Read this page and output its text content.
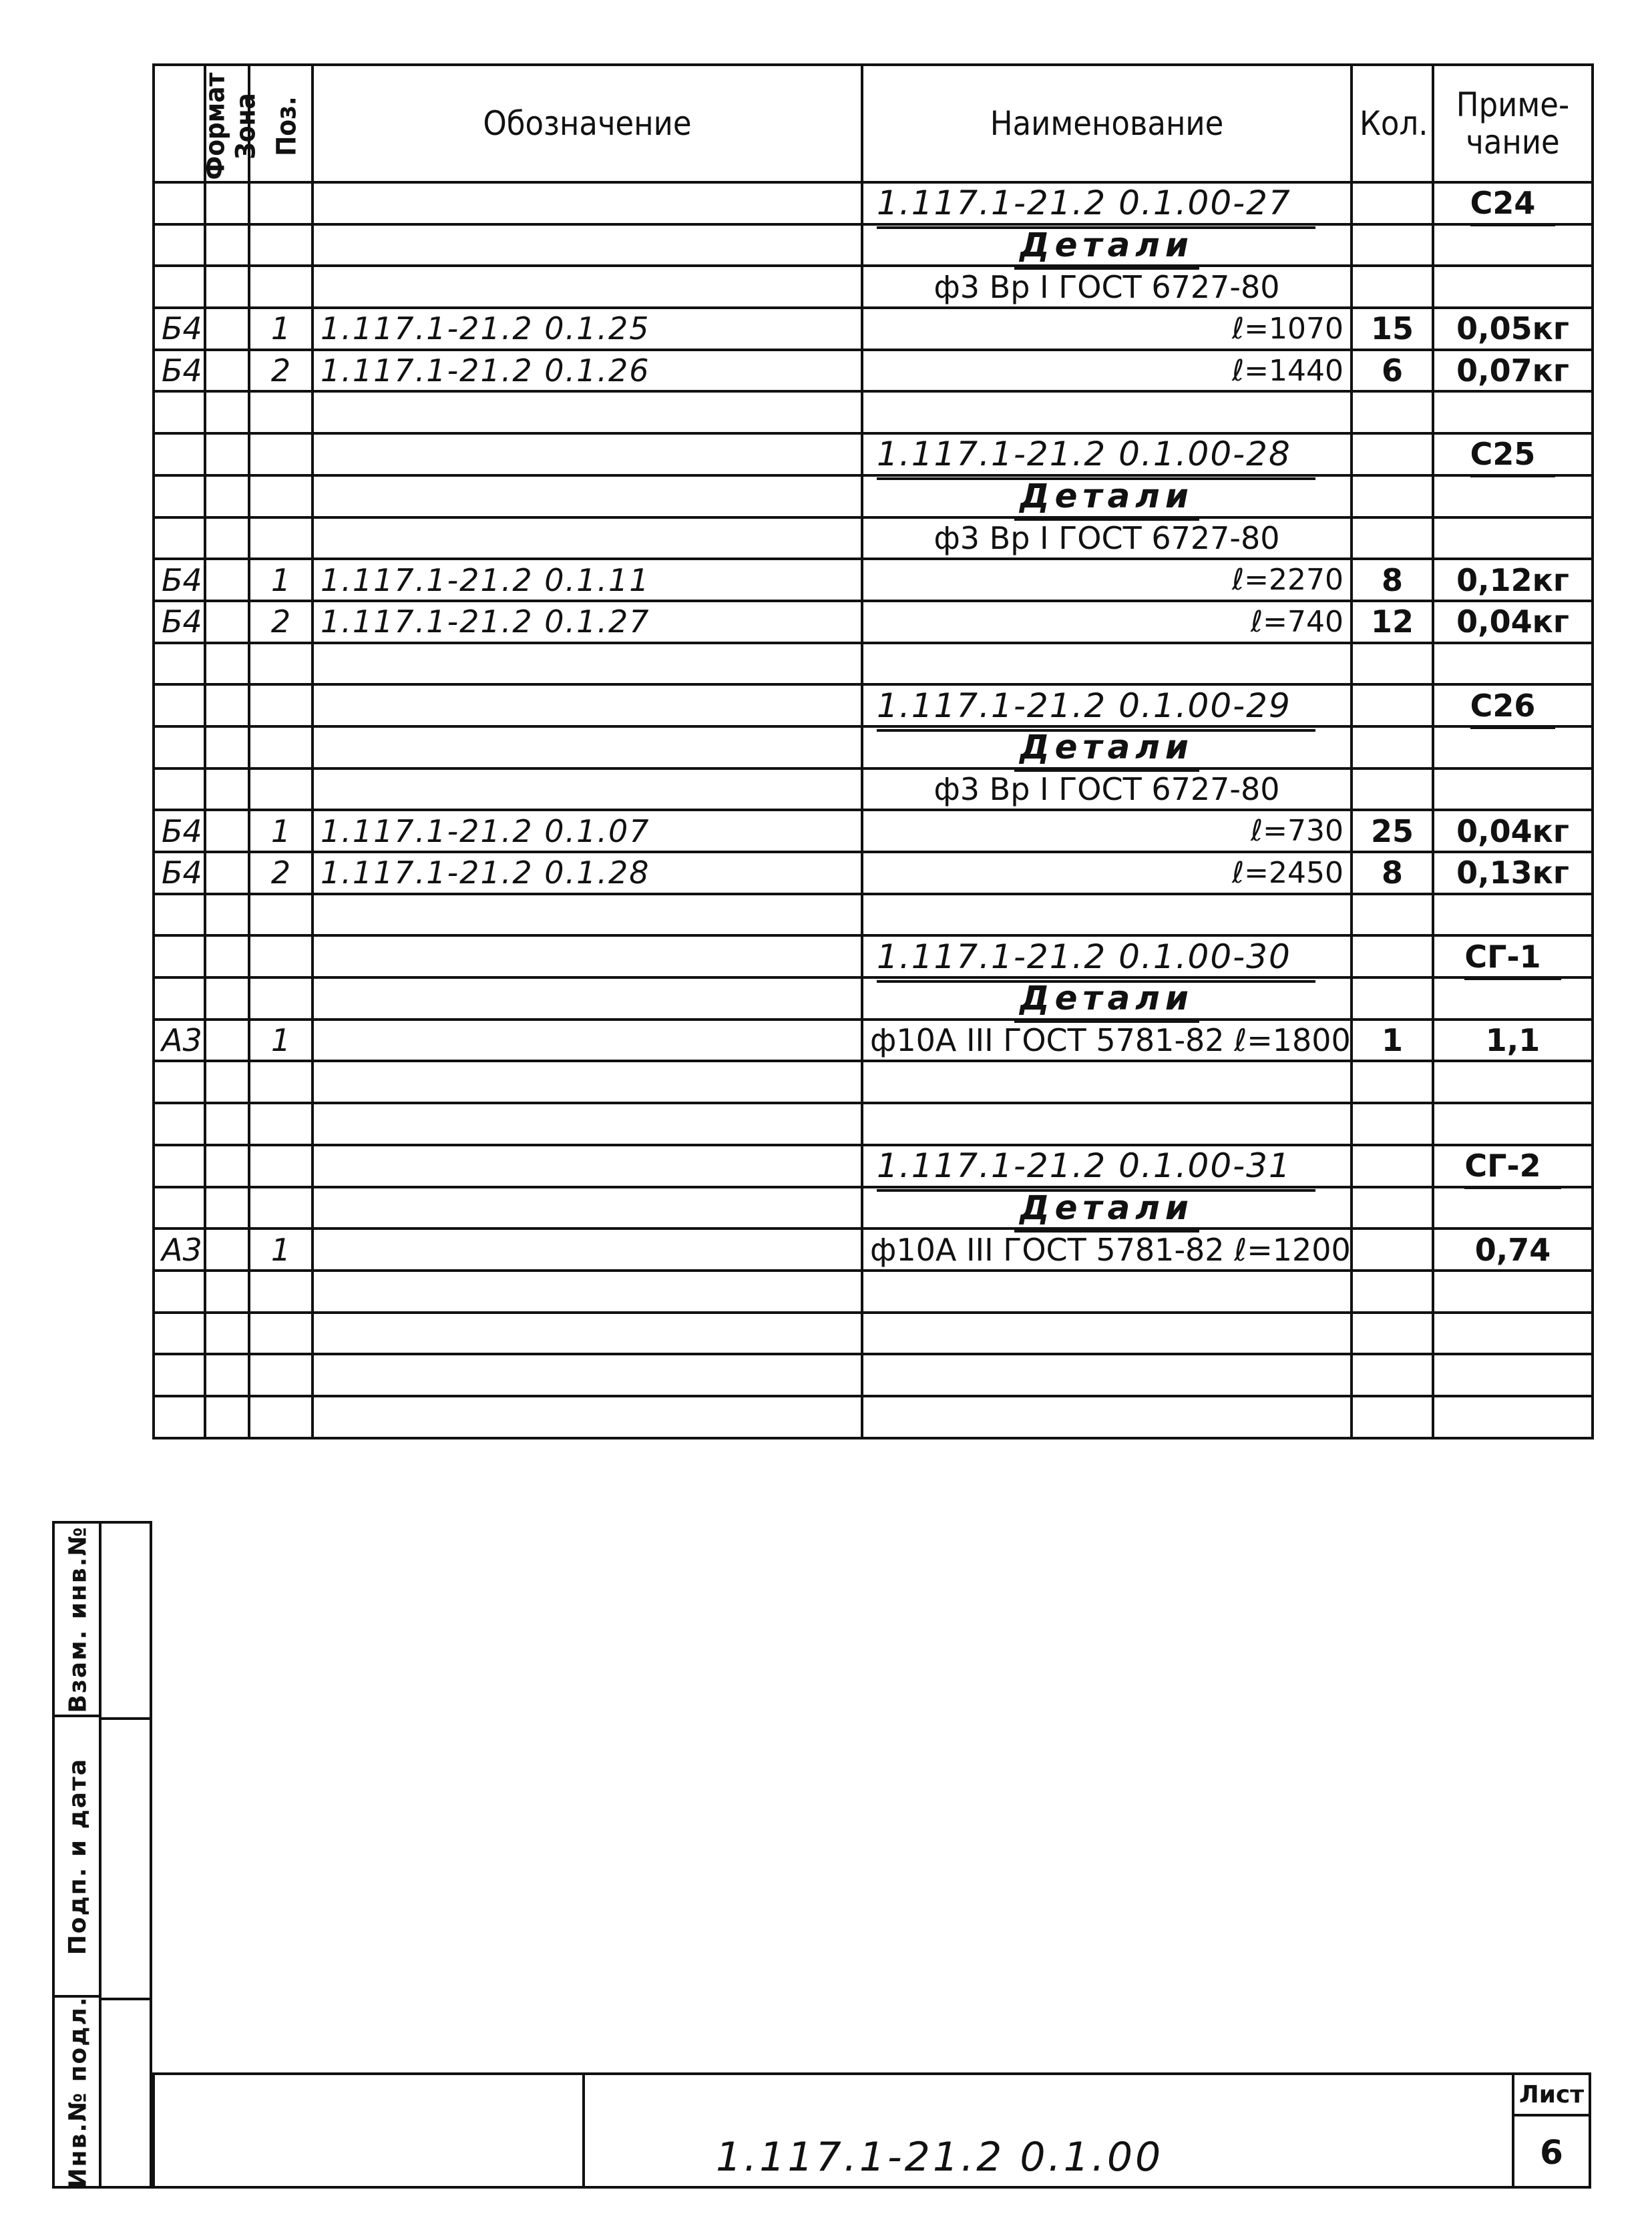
Формат	Зона	Поз.	Обозначение	Наименование	Кол.	Приме-чание
				1.117.1-21.2 0.1.00-27		С24
				Детали		
				ф3 Вр I ГОСТ 6727-80		
Б4		1	1.117.1-21.2 0.1.25	ℓ=1070	15	0,05кг
Б4		2	1.117.1-21.2 0.1.26	ℓ=1440	6	0,07кг

				1.117.1-21.2 0.1.00-28		С25
				Детали		
				ф3 Вр I ГОСТ 6727-80		
Б4		1	1.117.1-21.2 0.1.11	ℓ=2270	8	0,12кг
Б4		2	1.117.1-21.2 0.1.27	ℓ=740	12	0,04кг

				1.117.1-21.2 0.1.00-29		С26
				Детали		
				ф3 Вр I ГОСТ 6727-80		
Б4		1	1.117.1-21.2 0.1.07	ℓ=730	25	0,04кг
Б4		2	1.117.1-21.2 0.1.28	ℓ=2450	8	0,13кг

				1.117.1-21.2 0.1.00-30		СГ-1
				Детали		
А3		1		ф10А III ГОСТ 5781-82 ℓ=1800	1	1,1

				1.117.1-21.2 0.1.00-31		СГ-2
				Детали		
А3		1		ф10А III ГОСТ 5781-82 ℓ=1200		0,74

Взам. инв.№
Подп. и дата
Инв.№ подл.	1.117.1-21.2 0.1.00
Лист
6
